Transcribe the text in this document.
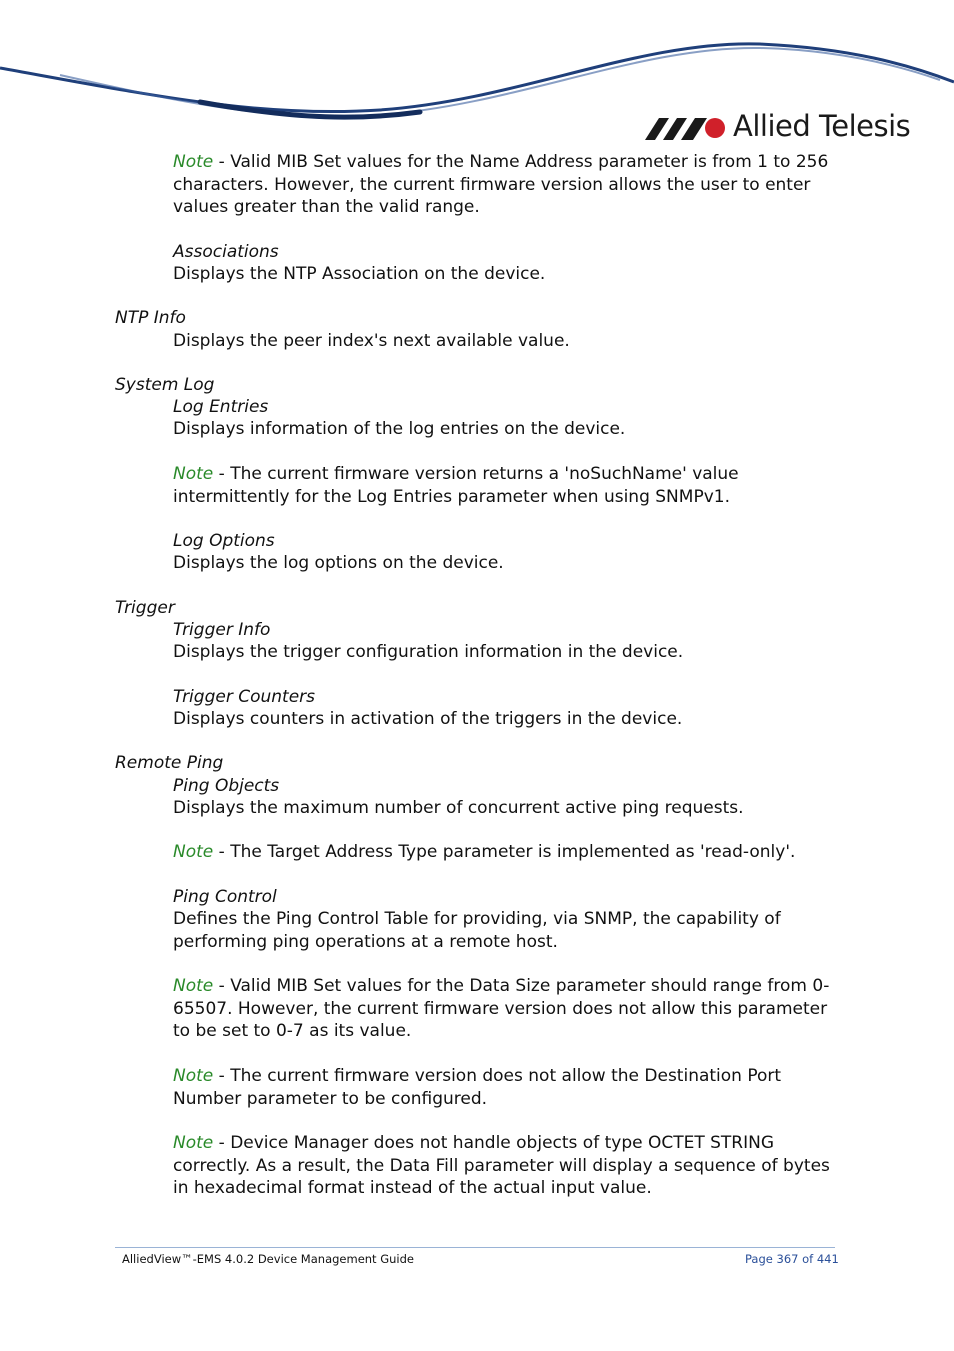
Allied Telesis
Note - Valid MIB Set values for the Name Address parameter is from 1 to 256 characters. However, the current firmware version allows the user to enter values greater than the valid range.
Associations
Displays the NTP Association on the device.
NTP Info
Displays the peer index's next available value.
System Log
Log Entries
Displays information of the log entries on the device.
Note - The current firmware version returns a 'noSuchName' value intermittently for the Log Entries parameter when using SNMPv1.
Log Options
Displays the log options on the device.
Trigger
Trigger Info
Displays the trigger configuration information in the device.
Trigger Counters
Displays counters in activation of the triggers in the device.
Remote Ping
Ping Objects
Displays the maximum number of concurrent active ping requests.
Note - The Target Address Type parameter is implemented as 'read-only'.
Ping Control
Defines the Ping Control Table for providing, via SNMP, the capability of performing ping operations at a remote host.
Note - Valid MIB Set values for the Data Size parameter should range from 0-65507. However, the current firmware version does not allow this parameter to be set to 0-7 as its value.
Note - The current firmware version does not allow the Destination Port Number parameter to be configured.
Note - Device Manager does not handle objects of type OCTET STRING correctly. As a result, the Data Fill parameter will display a sequence of bytes in hexadecimal format instead of the actual input value.
AlliedView™-EMS 4.0.2 Device Management Guide	Page 367 of 441
